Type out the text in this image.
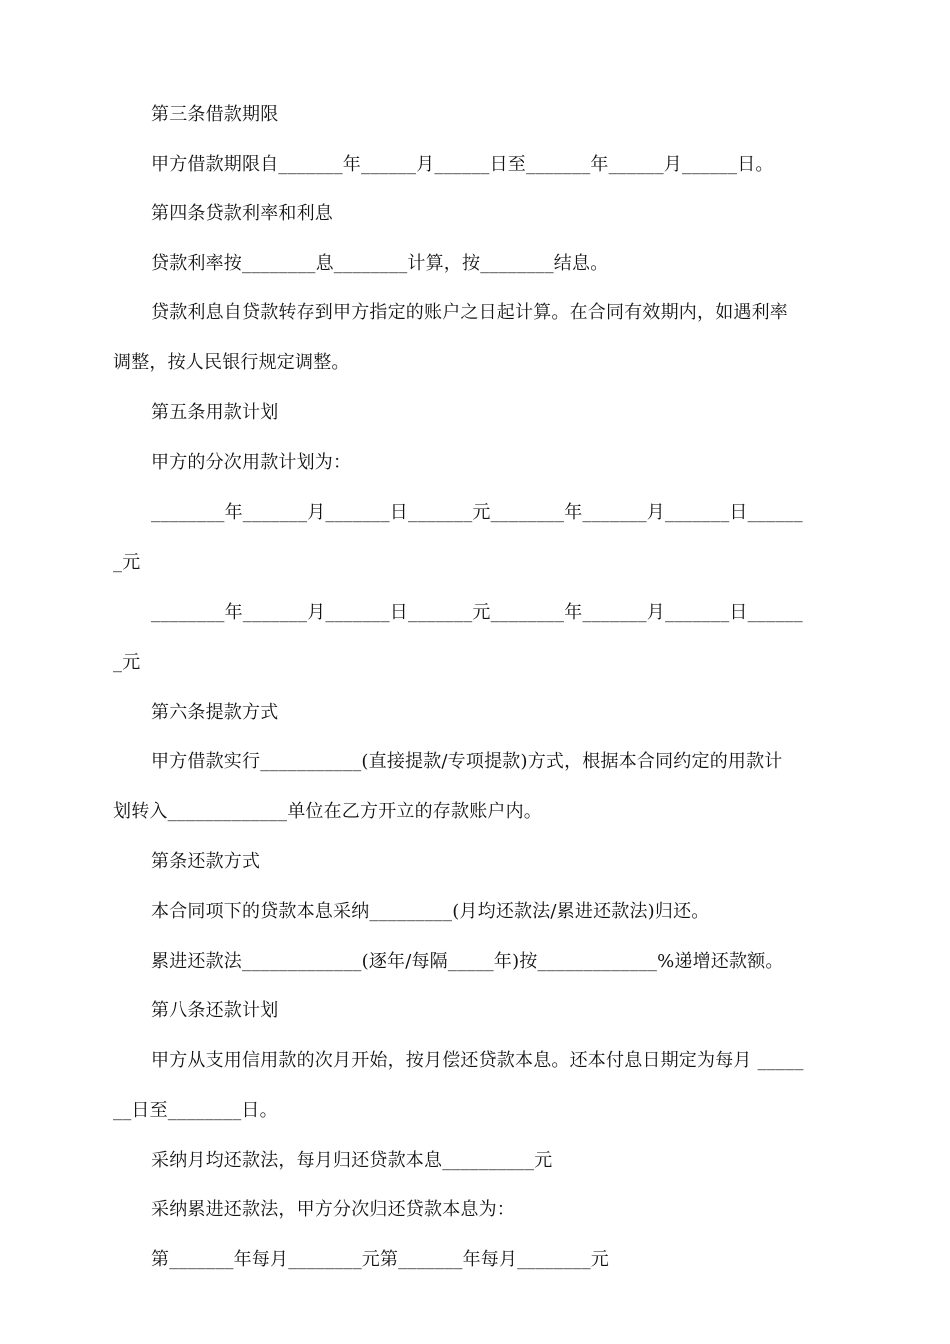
第三条借款期限
甲方借款期限自_______年______月______日至_______年______月______日。
第四条贷款利率和利息
贷款利率按________息________计算，按________结息。
贷款利息自贷款转存到甲方指定的账户之日起计算。在合同有效期内，如遇利率
调整，按人民银行规定调整。
第五条用款计划
甲方的分次用款计划为：
________年_______月_______日_______元________年_______月_______日______
_元
________年_______月_______日_______元________年_______月_______日______
_元
第六条提款方式
甲方借款实行___________(直接提款/专项提款)方式，根据本合同约定的用款计
划转入_____________单位在乙方开立的存款账户内。
第条还款方式
本合同项下的贷款本息采纳_________(月均还款法/累进还款法)归还。
累进还款法_____________(逐年/每隔_____年)按_____________%递增还款额。
第八条还款计划
甲方从支用信用款的次月开始，按月偿还贷款本息。还本付息日期定为每月 _____
__日至________日。
采纳月均还款法，每月归还贷款本息__________元
采纳累进还款法，甲方分次归还贷款本息为：
第_______年每月________元第_______年每月________元
